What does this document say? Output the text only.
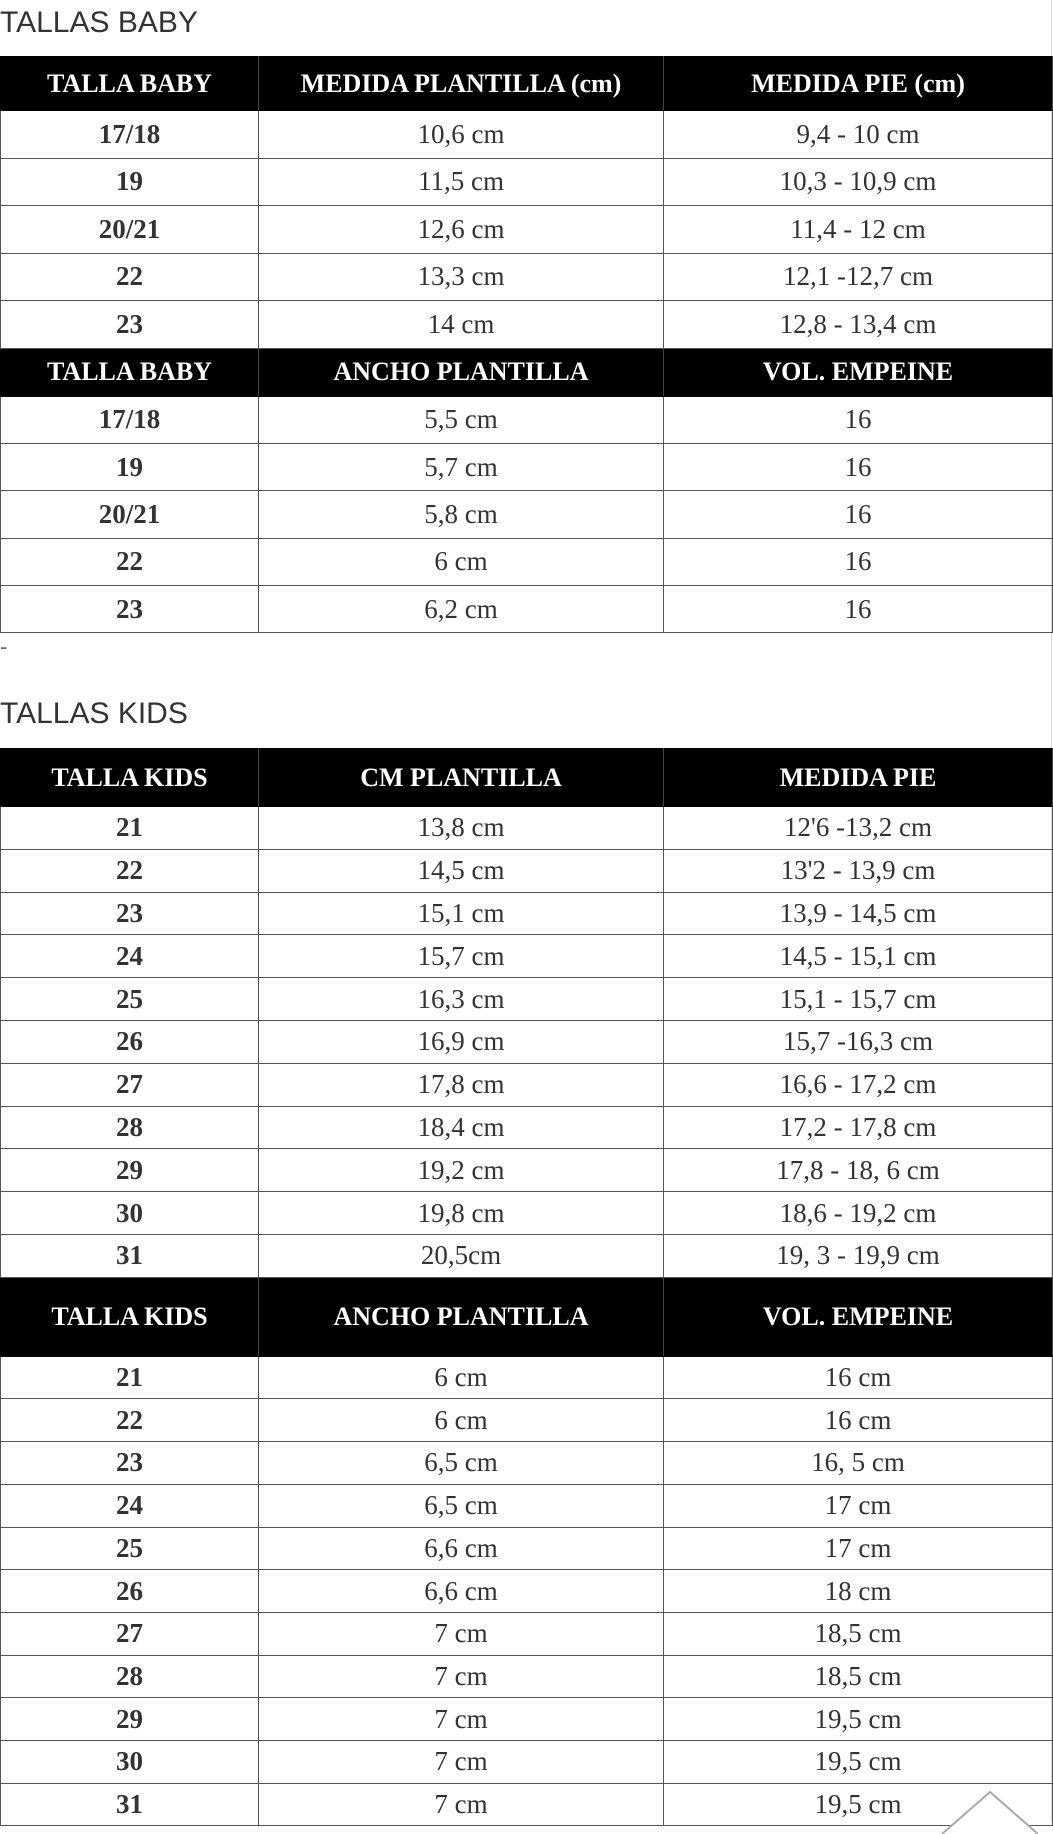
TALLAS BABY
TALLA BABY	MEDIDA PLANTILLA (cm)	MEDIDA PIE (cm)
17/18	10,6 cm	9,4 - 10 cm
19	11,5 cm	10,3 - 10,9 cm
20/21	12,6 cm	11,4 - 12 cm
22	13,3 cm	12,1 -12,7 cm
23	14 cm	12,8 - 13,4 cm
TALLA BABY	ANCHO PLANTILLA	VOL. EMPEINE
17/18	5,5 cm	16
19	5,7 cm	16
20/21	5,8 cm	16
22	6 cm	16
23	6,2 cm	16
-
TALLAS KIDS
TALLA KIDS	CM PLANTILLA	MEDIDA PIE
21	13,8 cm	12'6 -13,2 cm
22	14,5 cm	13'2 - 13,9 cm
23	15,1 cm	13,9 - 14,5 cm
24	15,7 cm	14,5 - 15,1 cm
25	16,3 cm	15,1 - 15,7 cm
26	16,9 cm	15,7 -16,3 cm
27	17,8 cm	16,6 - 17,2 cm
28	18,4 cm	17,2 - 17,8 cm
29	19,2 cm	17,8 - 18, 6 cm
30	19,8 cm	18,6 - 19,2 cm
31	20,5cm	19, 3 - 19,9 cm
TALLA KIDS	ANCHO PLANTILLA	VOL. EMPEINE
21	6 cm	16 cm
22	6 cm	16 cm
23	6,5 cm	16, 5 cm
24	6,5 cm	17 cm
25	6,6 cm	17 cm
26	6,6 cm	18 cm
27	7 cm	18,5 cm
28	7 cm	18,5 cm
29	7 cm	19,5 cm
30	7 cm	19,5 cm
31	7 cm	19,5 cm
